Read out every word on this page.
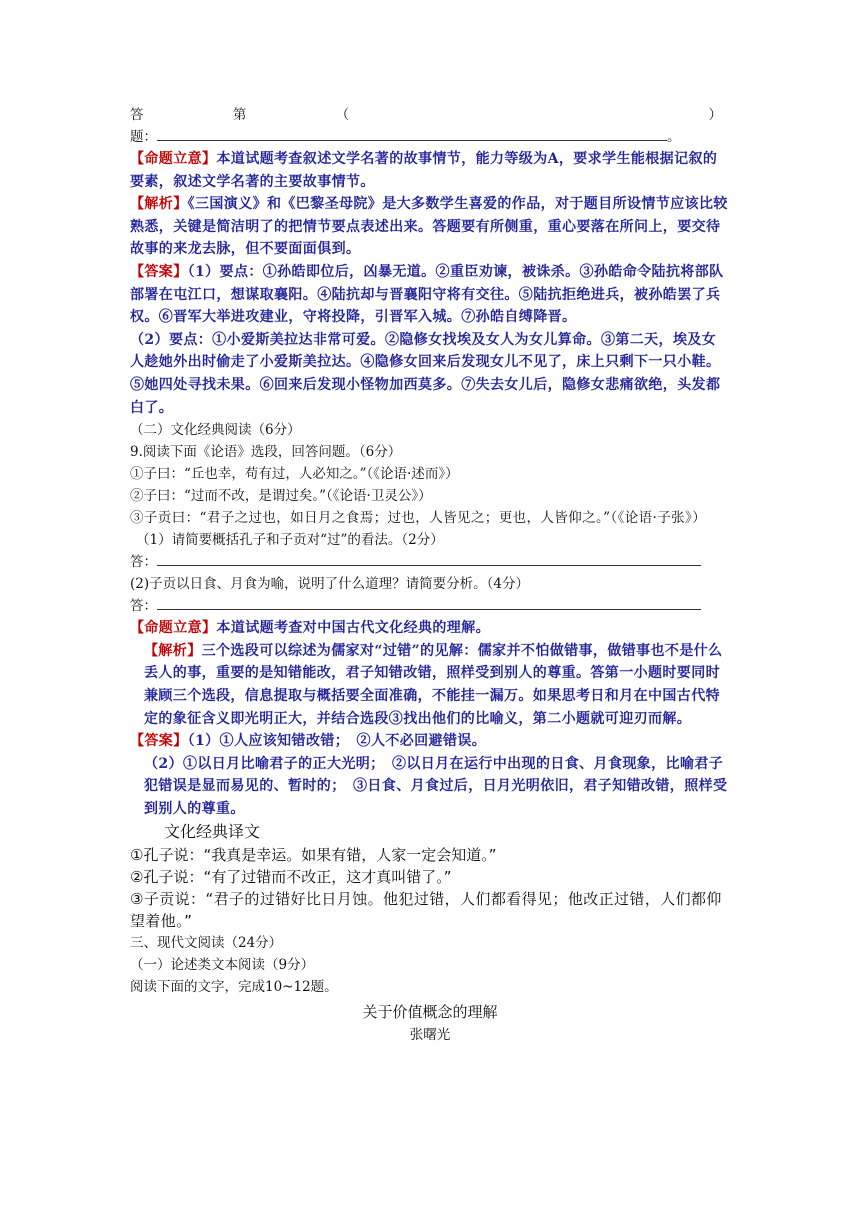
答	第	（	）
题：	。
【命题立意】本道试题考查叙述文学名著的故事情节，能力等级为A，要求学生能根据记叙的要素，叙述文学名著的主要故事情节。
【解析】《三国演义》和《巴黎圣母院》是大多数学生喜爱的作品，对于题目所设情节应该比较熟悉，关键是简洁明了的把情节要点表述出来。答题要有所侧重，重心要落在所问上，要交待故事的来龙去脉，但不要面面俱到。
【答案】（1）要点：①孙皓即位后，凶暴无道。②重臣劝谏，被诛杀。③孙皓命令陆抗将部队部署在屯江口，想谋取襄阳。④陆抗却与晋襄阳守将有交往。⑤陆抗拒绝进兵，被孙皓罢了兵权。⑥晋军大举进攻建业，守将投降，引晋军入城。⑦孙皓自缚降晋。
（2）要点：①小爱斯美拉达非常可爱。②隐修女找埃及女人为女儿算命。③第二天，埃及女人趁她外出时偷走了小爱斯美拉达。④隐修女回来后发现女儿不见了，床上只剩下一只小鞋。⑤她四处寻找未果。⑥回来后发现小怪物加西莫多。⑦失去女儿后，隐修女悲痛欲绝，头发都白了。
（二）文化经典阅读（6分）
9.阅读下面《论语》选段，回答问题。（6分）
①子曰：“丘也幸，苟有过，人必知之。”（《论语·述而》）
②子曰：“过而不改，是谓过矣。”（《论语·卫灵公》）
③子贡曰：“君子之过也，如日月之食焉；过也，人皆见之；更也，人皆仰之。”（《论语·子张》）
（1）请简要概括孔子和子贡对“过”的看法。（2分）
答：
(2)子贡以日食、月食为喻，说明了什么道理？请简要分析。（4分）
答：
【命题立意】本道试题考查对中国古代文化经典的理解。
【解析】三个选段可以综述为儒家对“过错”的见解：儒家并不怕做错事，做错事也不是什么丢人的事，重要的是知错能改，君子知错改错，照样受到别人的尊重。答第一小题时要同时兼顾三个选段，信息提取与概括要全面准确，不能挂一漏万。如果思考日和月在中国古代特定的象征含义即光明正大，并结合选段③找出他们的比喻义，第二小题就可迎刃而解。
【答案】（1）①人应该知错改错；　②人不必回避错误。
（2）①以日月比喻君子的正大光明；　②以日月在运行中出现的日食、月食现象，比喻君子犯错误是显而易见的、暂时的；　③日食、月食过后，日月光明依旧，君子知错改错，照样受到别人的尊重。
文化经典译文
①孔子说：“我真是幸运。如果有错，人家一定会知道。”
②孔子说：“有了过错而不改正，这才真叫错了。”
③子贡说：“君子的过错好比日月蚀。他犯过错，人们都看得见；他改正过错，人们都仰望着他。”
三、现代文阅读（24分）
（一）论述类文本阅读（9分）
阅读下面的文字，完成10~12题。
关于价值概念的理解
张曙光
